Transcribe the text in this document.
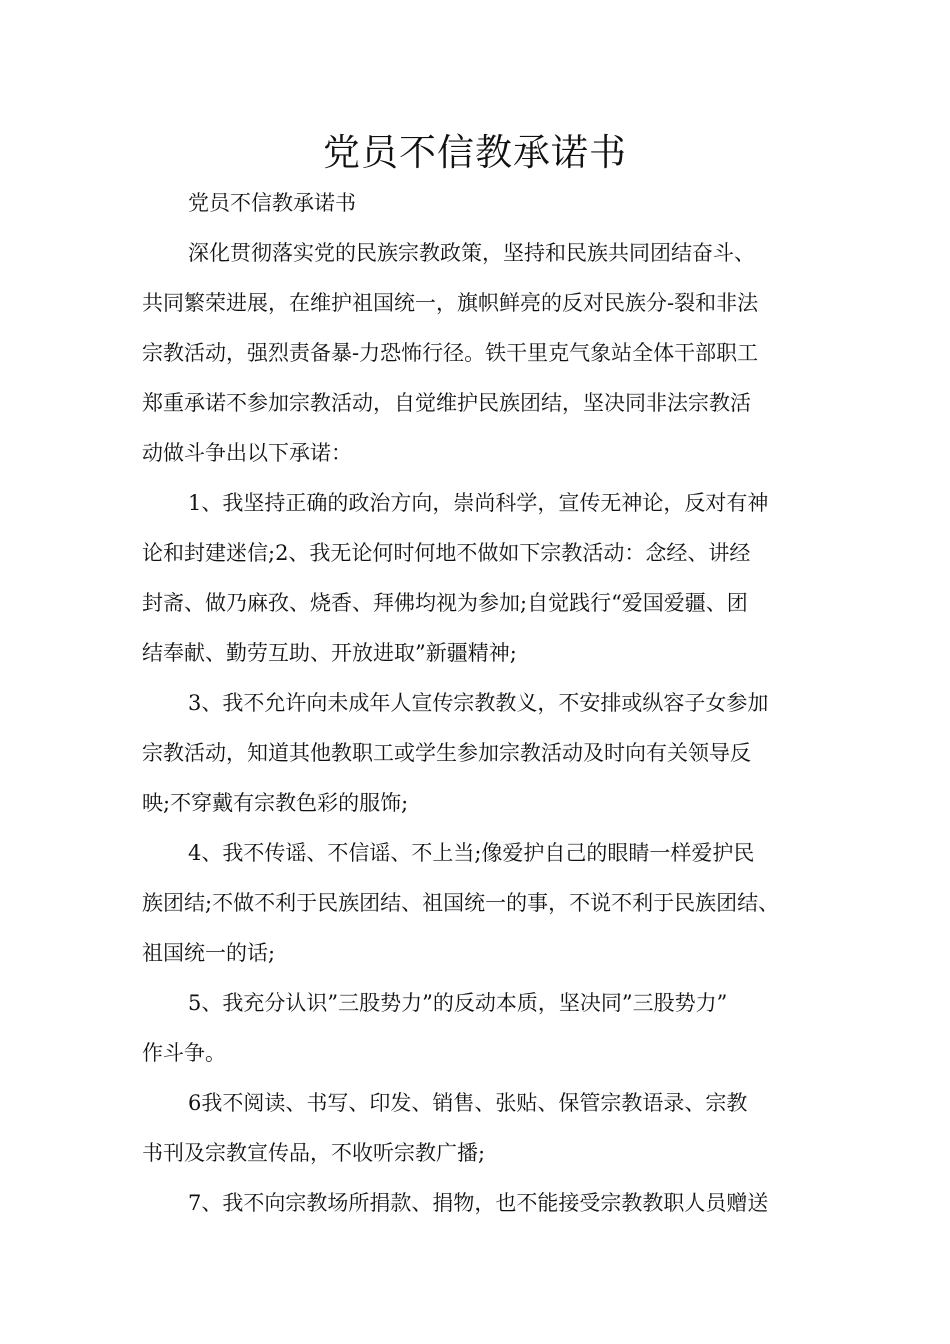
党员不信教承诺书
党员不信教承诺书
深化贯彻落实党的民族宗教政策，坚持和民族共同团结奋斗、
共同繁荣进展，在维护祖国统一，旗帜鲜亮的反对民族分-裂和非法
宗教活动，强烈责备暴-力恐怖行径。铁干里克气象站全体干部职工
郑重承诺不参加宗教活动，自觉维护民族团结，坚决同非法宗教活
动做斗争出以下承诺：
1、我坚持正确的政治方向，崇尚科学，宣传无神论，反对有神
论和封建迷信;2、我无论何时何地不做如下宗教活动：念经、讲经
封斋、做乃麻孜、烧香、拜佛均视为参加;自觉践行“爱国爱疆、团
结奉献、勤劳互助、开放进取”新疆精神;
3、我不允许向未成年人宣传宗教教义，不安排或纵容子女参加
宗教活动，知道其他教职工或学生参加宗教活动及时向有关领导反
映;不穿戴有宗教色彩的服饰;
4、我不传谣、不信谣、不上当;像爱护自己的眼睛一样爱护民
族团结;不做不利于民族团结、祖国统一的事，不说不利于民族团结、
祖国统一的话;
5、我充分认识”三股势力”的反动本质，坚决同”三股势力”
作斗争。
6我不阅读、书写、印发、销售、张贴、保管宗教语录、宗教
书刊及宗教宣传品，不收听宗教广播;
7、我不向宗教场所捐款、捐物，也不能接受宗教教职人员赠送
